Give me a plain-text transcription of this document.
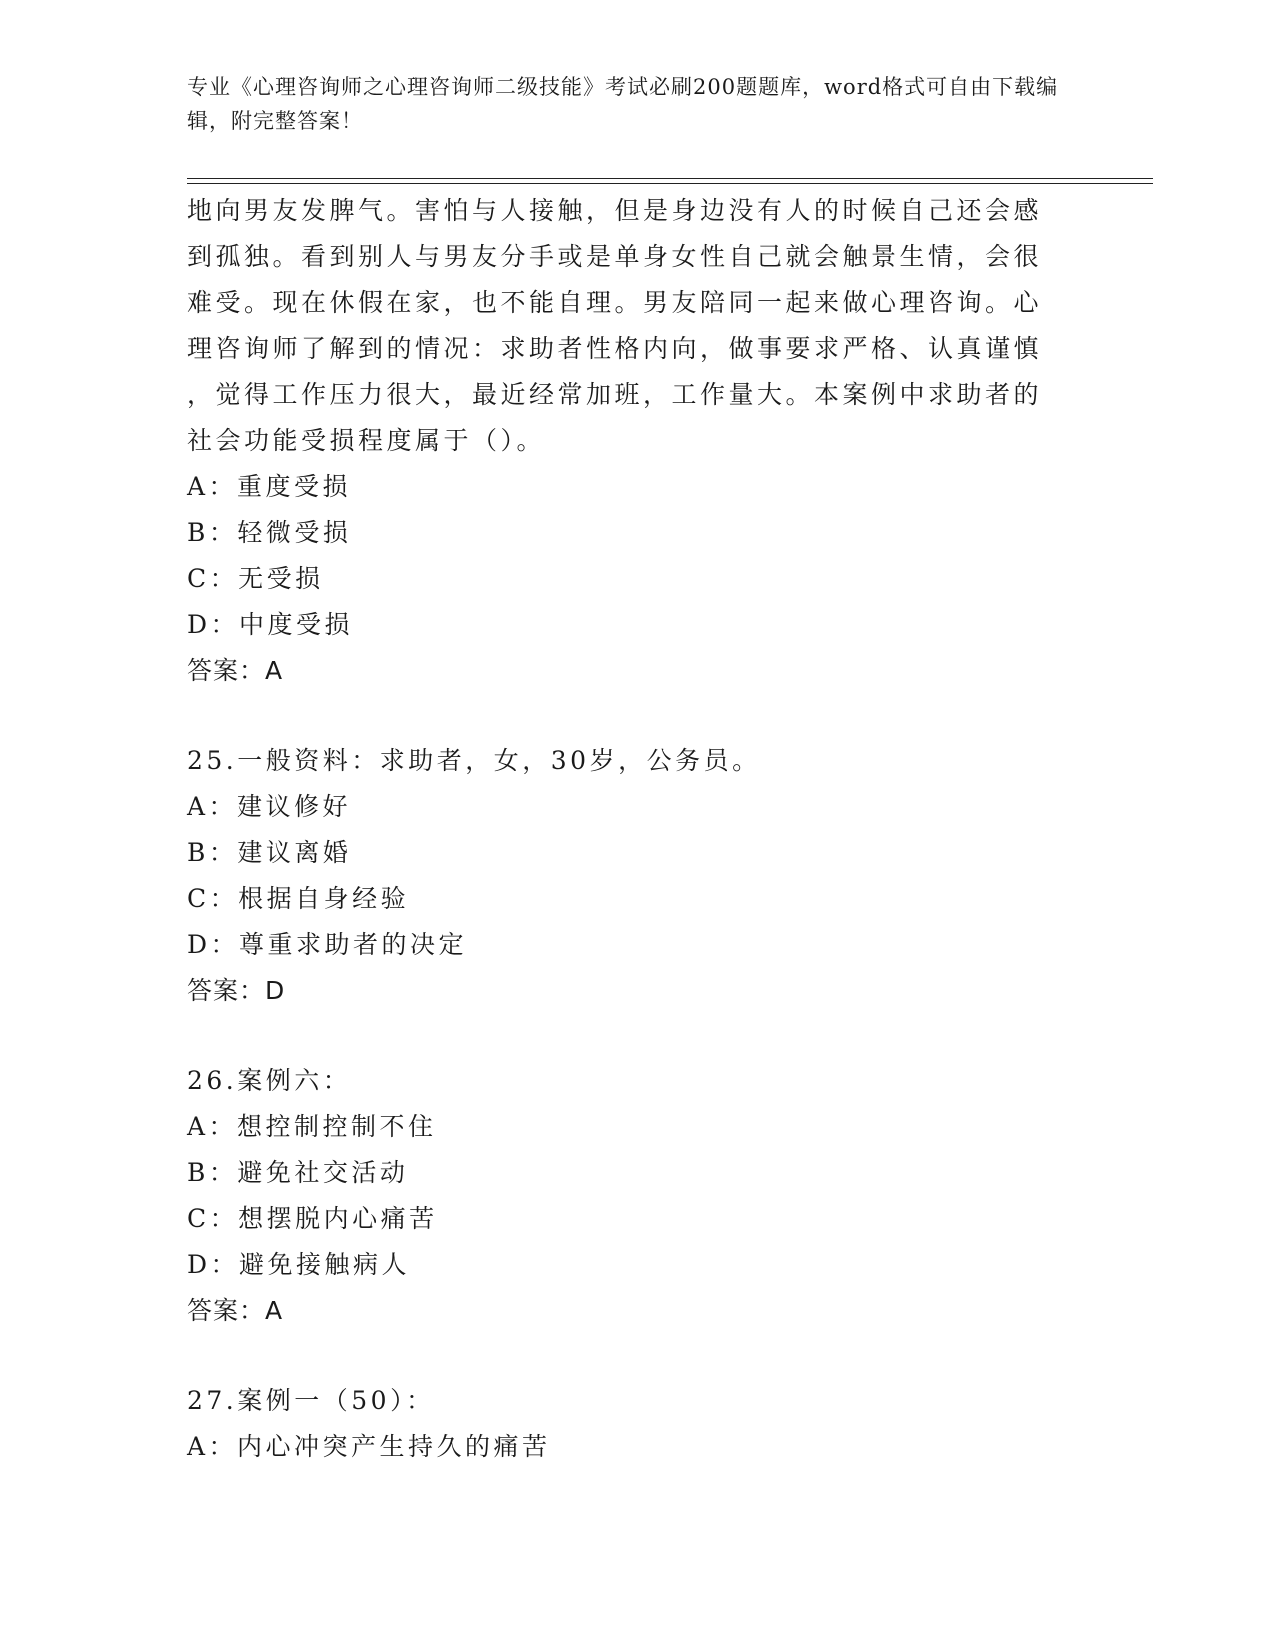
专业《心理咨询师之心理咨询师二级技能》考试必刷200题题库，word格式可自由下载编辑，附完整答案！

地向男友发脾气。害怕与人接触，但是身边没有人的时候自己还会感

到孤独。看到别人与男友分手或是单身女性自己就会触景生情，会很

难受。现在休假在家，也不能自理。男友陪同一起来做心理咨询。心

理咨询师了解到的情况：求助者性格内向，做事要求严格、认真谨慎

，觉得工作压力很大，最近经常加班，工作量大。本案例中求助者的

社会功能受损程度属于（）。

A：重度受损

B：轻微受损

C：无受损

D：中度受损

答案：A

25.一般资料：求助者，女，30岁，公务员。

A：建议修好

B：建议离婚

C：根据自身经验

D：尊重求助者的决定

答案：D

26.案例六：

A：想控制控制不住

B：避免社交活动

C：想摆脱内心痛苦

D：避免接触病人

答案：A

27.案例一（50）：

A：内心冲突产生持久的痛苦
